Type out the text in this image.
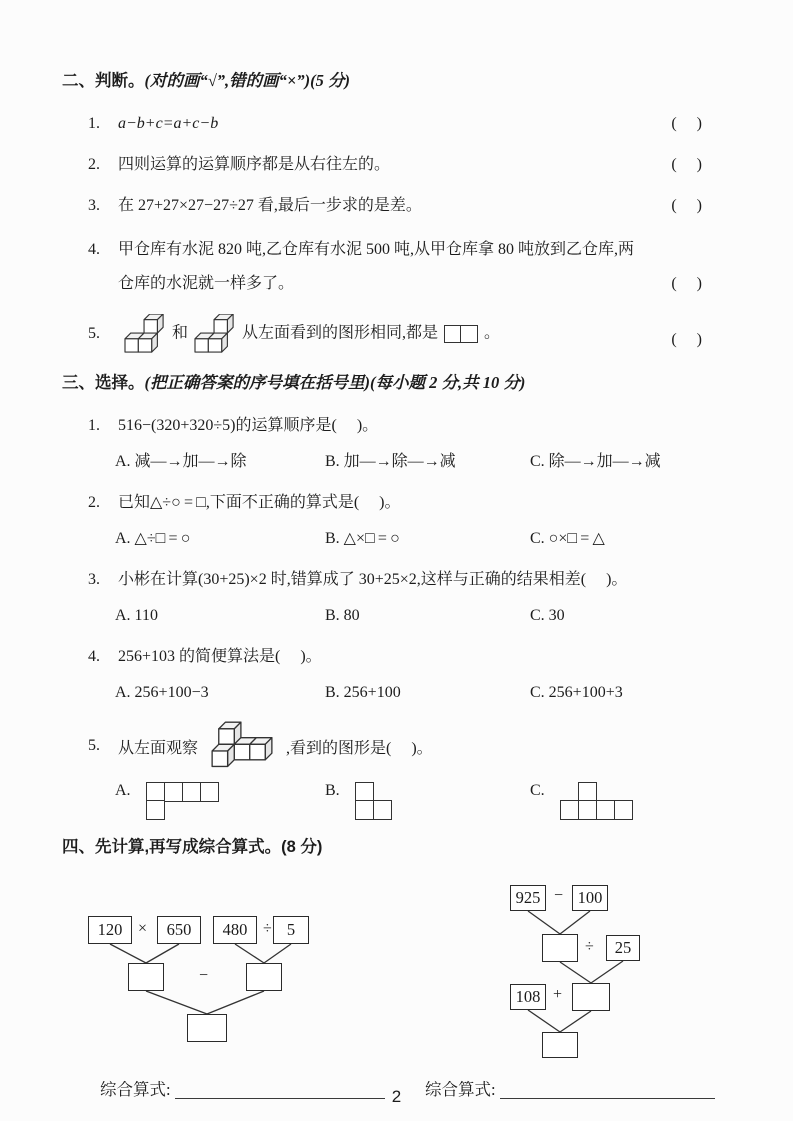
二、判断。(对的画“√”,错的画“×”)(5 分)
1.	a−b+c=a+c−b	(     )
2.	四则运算的运算顺序都是从右往左的。	(     )
3.	在 27+27×27−27÷27 看,最后一步求的是差。	(     )
4.	甲仓库有水泥 820 吨,乙仓库有水泥 500 吨,从甲仓库拿 80 吨放到乙仓库,两仓库的水泥就一样多了。	(     )
5.	和	从左面看到的图形相同,都是	。	(     )
三、选择。(把正确答案的序号填在括号里)(每小题 2 分,共 10 分)
1.	516−(320+320÷5)的运算顺序是(     )。
A. 减—→加—→除	B. 加—→除—→减	C. 除—→加—→减
2.	已知△÷○ = □,下面不正确的算式是(     )。
A. △÷□ = ○	B. △×□ = ○	C. ○×□ = △
3.	小彬在计算(30+25)×2 时,错算成了 30+25×2,这样与正确的结果相差(     )。
A. 110	B. 80	C. 30
4.	256+103 的简便算法是(     )。
A. 256+100−3	B. 256+100	C. 256+100+3
5.	从左面观察	,看到的图形是(     )。
A.	B.	C.
四、先计算,再写成综合算式。(8 分)
120 ×	650	480 ÷ 5
−
925 − 100
÷	25
108 +
综合算式:	综合算式:
2
